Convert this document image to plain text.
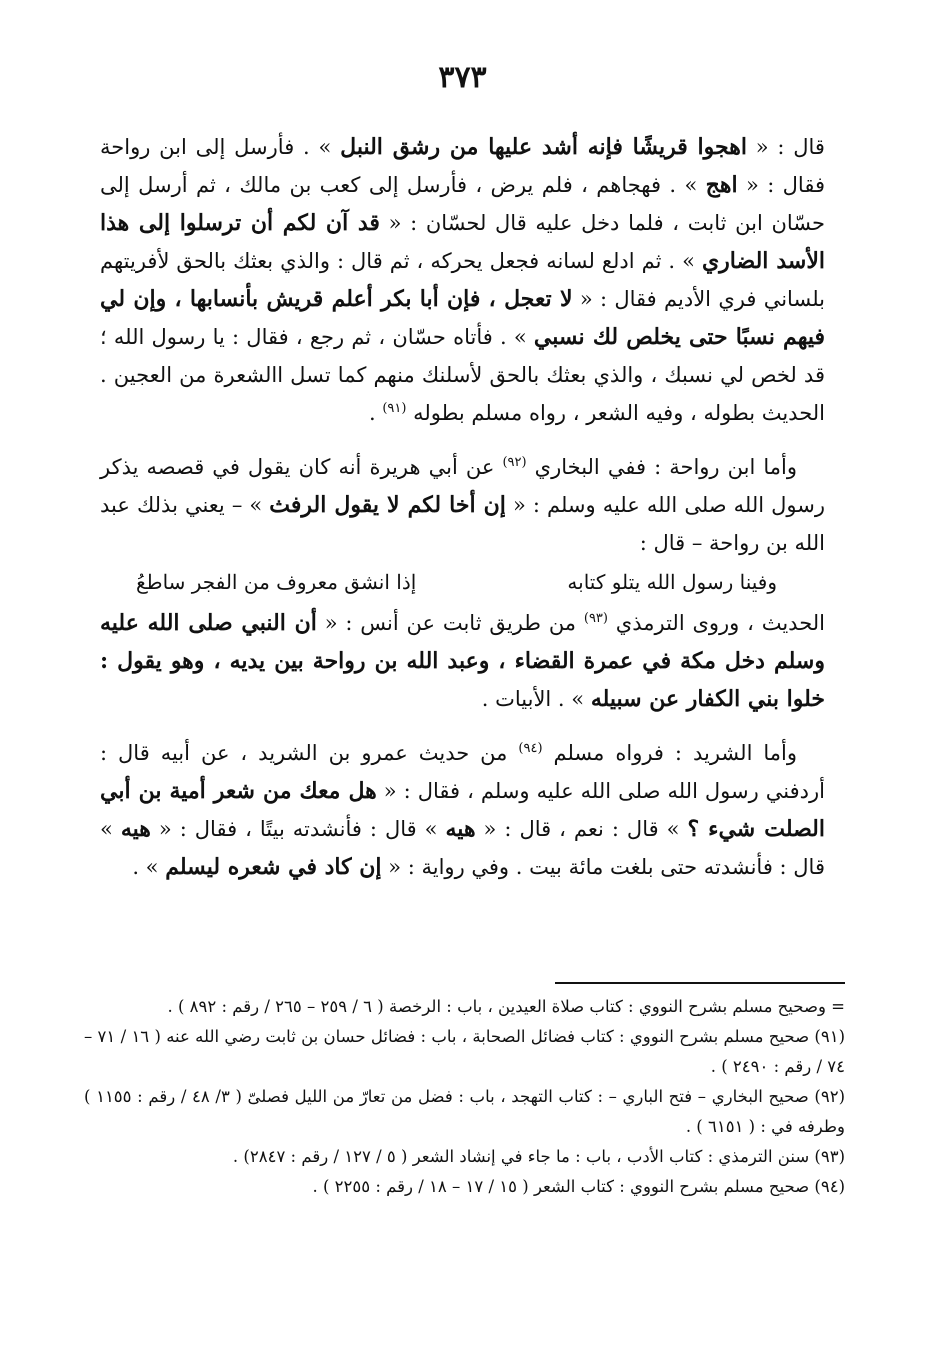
٣٧٣

قال : « اهجوا قريشًا فإنه أشد عليها من رشق النبل » . فأرسل إلى ابن رواحة فقال : « اهج » . فهجاهم ، فلم يرض ، فأرسل إلى كعب بن مالك ، ثم أرسل إلى حسّان ابن ثابت ، فلما دخل عليه قال لحسّان : « قد آن لكم أن ترسلوا إلى هذا الأسد الضاري » . ثم ادلع لسانه فجعل يحركه ، ثم قال : والذي بعثك بالحق لأفريتهم بلساني فري الأديم فقال : « لا تعجل ، فإن أبا بكر أعلم قريش بأنسابها ، وإن لي فيهم نسبًا حتى يخلص لك نسبي » . فأتاه حسّان ، ثم رجع ، فقال : يا رسول الله ؛ قد لخص لي نسبك ، والذي بعثك بالحق لأسلنك منهم كما تسل االشعرة من العجين . الحديث بطوله ، وفيه الشعر ، رواه مسلم بطوله $^{(٩١)}$ .

وأما ابن رواحة : ففي البخاري $^{(٩٢)}$ عن أبي هريرة أنه كان يقول في قصصه يذكر رسول الله صلى الله عليه وسلم : « إن أخا لكم لا يقول الرفث » – يعني بذلك عبد الله بن رواحة – قال :

وفينا رسول الله يتلو كتابه
إذا انشق معروف من الفجر ساطعُ

الحديث ، وروى الترمذي $^{(٩٣)}$ من طريق ثابت عن أنس : « أن النبي صلى الله عليه وسلم دخل مكة في عمرة القضاء ، وعبد الله بن رواحة بين يديه ، وهو يقول : خلوا بني الكفار عن سبيله » . الأبيات .

وأما الشريد : فرواه مسلم $^{(٩٤)}$ من حديث عمرو بن الشريد ، عن أبيه قال : أردفني رسول الله صلى الله عليه وسلم ، فقال : « هل معك من شعر أمية بن أبي الصلت شيء ؟ » قال : نعم ، قال : « هيه » قال : فأنشدته بيتًا ، فقال : « هيه » قال : فأنشدته حتى بلغت مائة بيت . وفي رواية : « إن كاد في شعره ليسلم » .

= وصحيح مسلم بشرح النووي : كتاب صلاة العيدين ، باب : الرخصة ( ٦ / ٢٥٩ – ٢٦٥ / رقم : ٨٩٢ ) .

(٩١) صحيح مسلم بشرح النووي : كتاب فضائل الصحابة ، باب : فضائل حسان بن ثابت رضي الله عنه ( ١٦ / ٧١ – ٧٤ / رقم : ٢٤٩٠ ) .

(٩٢) صحيح البخاري – فتح الباري – : كتاب التهجد ، باب : فضل من تعارّ من الليل فصلىّ ( ٣/ ٤٨ / رقم : ١١٥٥ ) وطرفه في : ( ٦١٥١ ) .

(٩٣) سنن الترمذي : كتاب الأدب ، باب : ما جاء في إنشاد الشعر ( ٥ / ١٢٧ / رقم : ٢٨٤٧) .

(٩٤) صحيح مسلم بشرح النووي : كتاب الشعر ( ١٥ / ١٧ – ١٨ / رقم : ٢٢٥٥ ) .
